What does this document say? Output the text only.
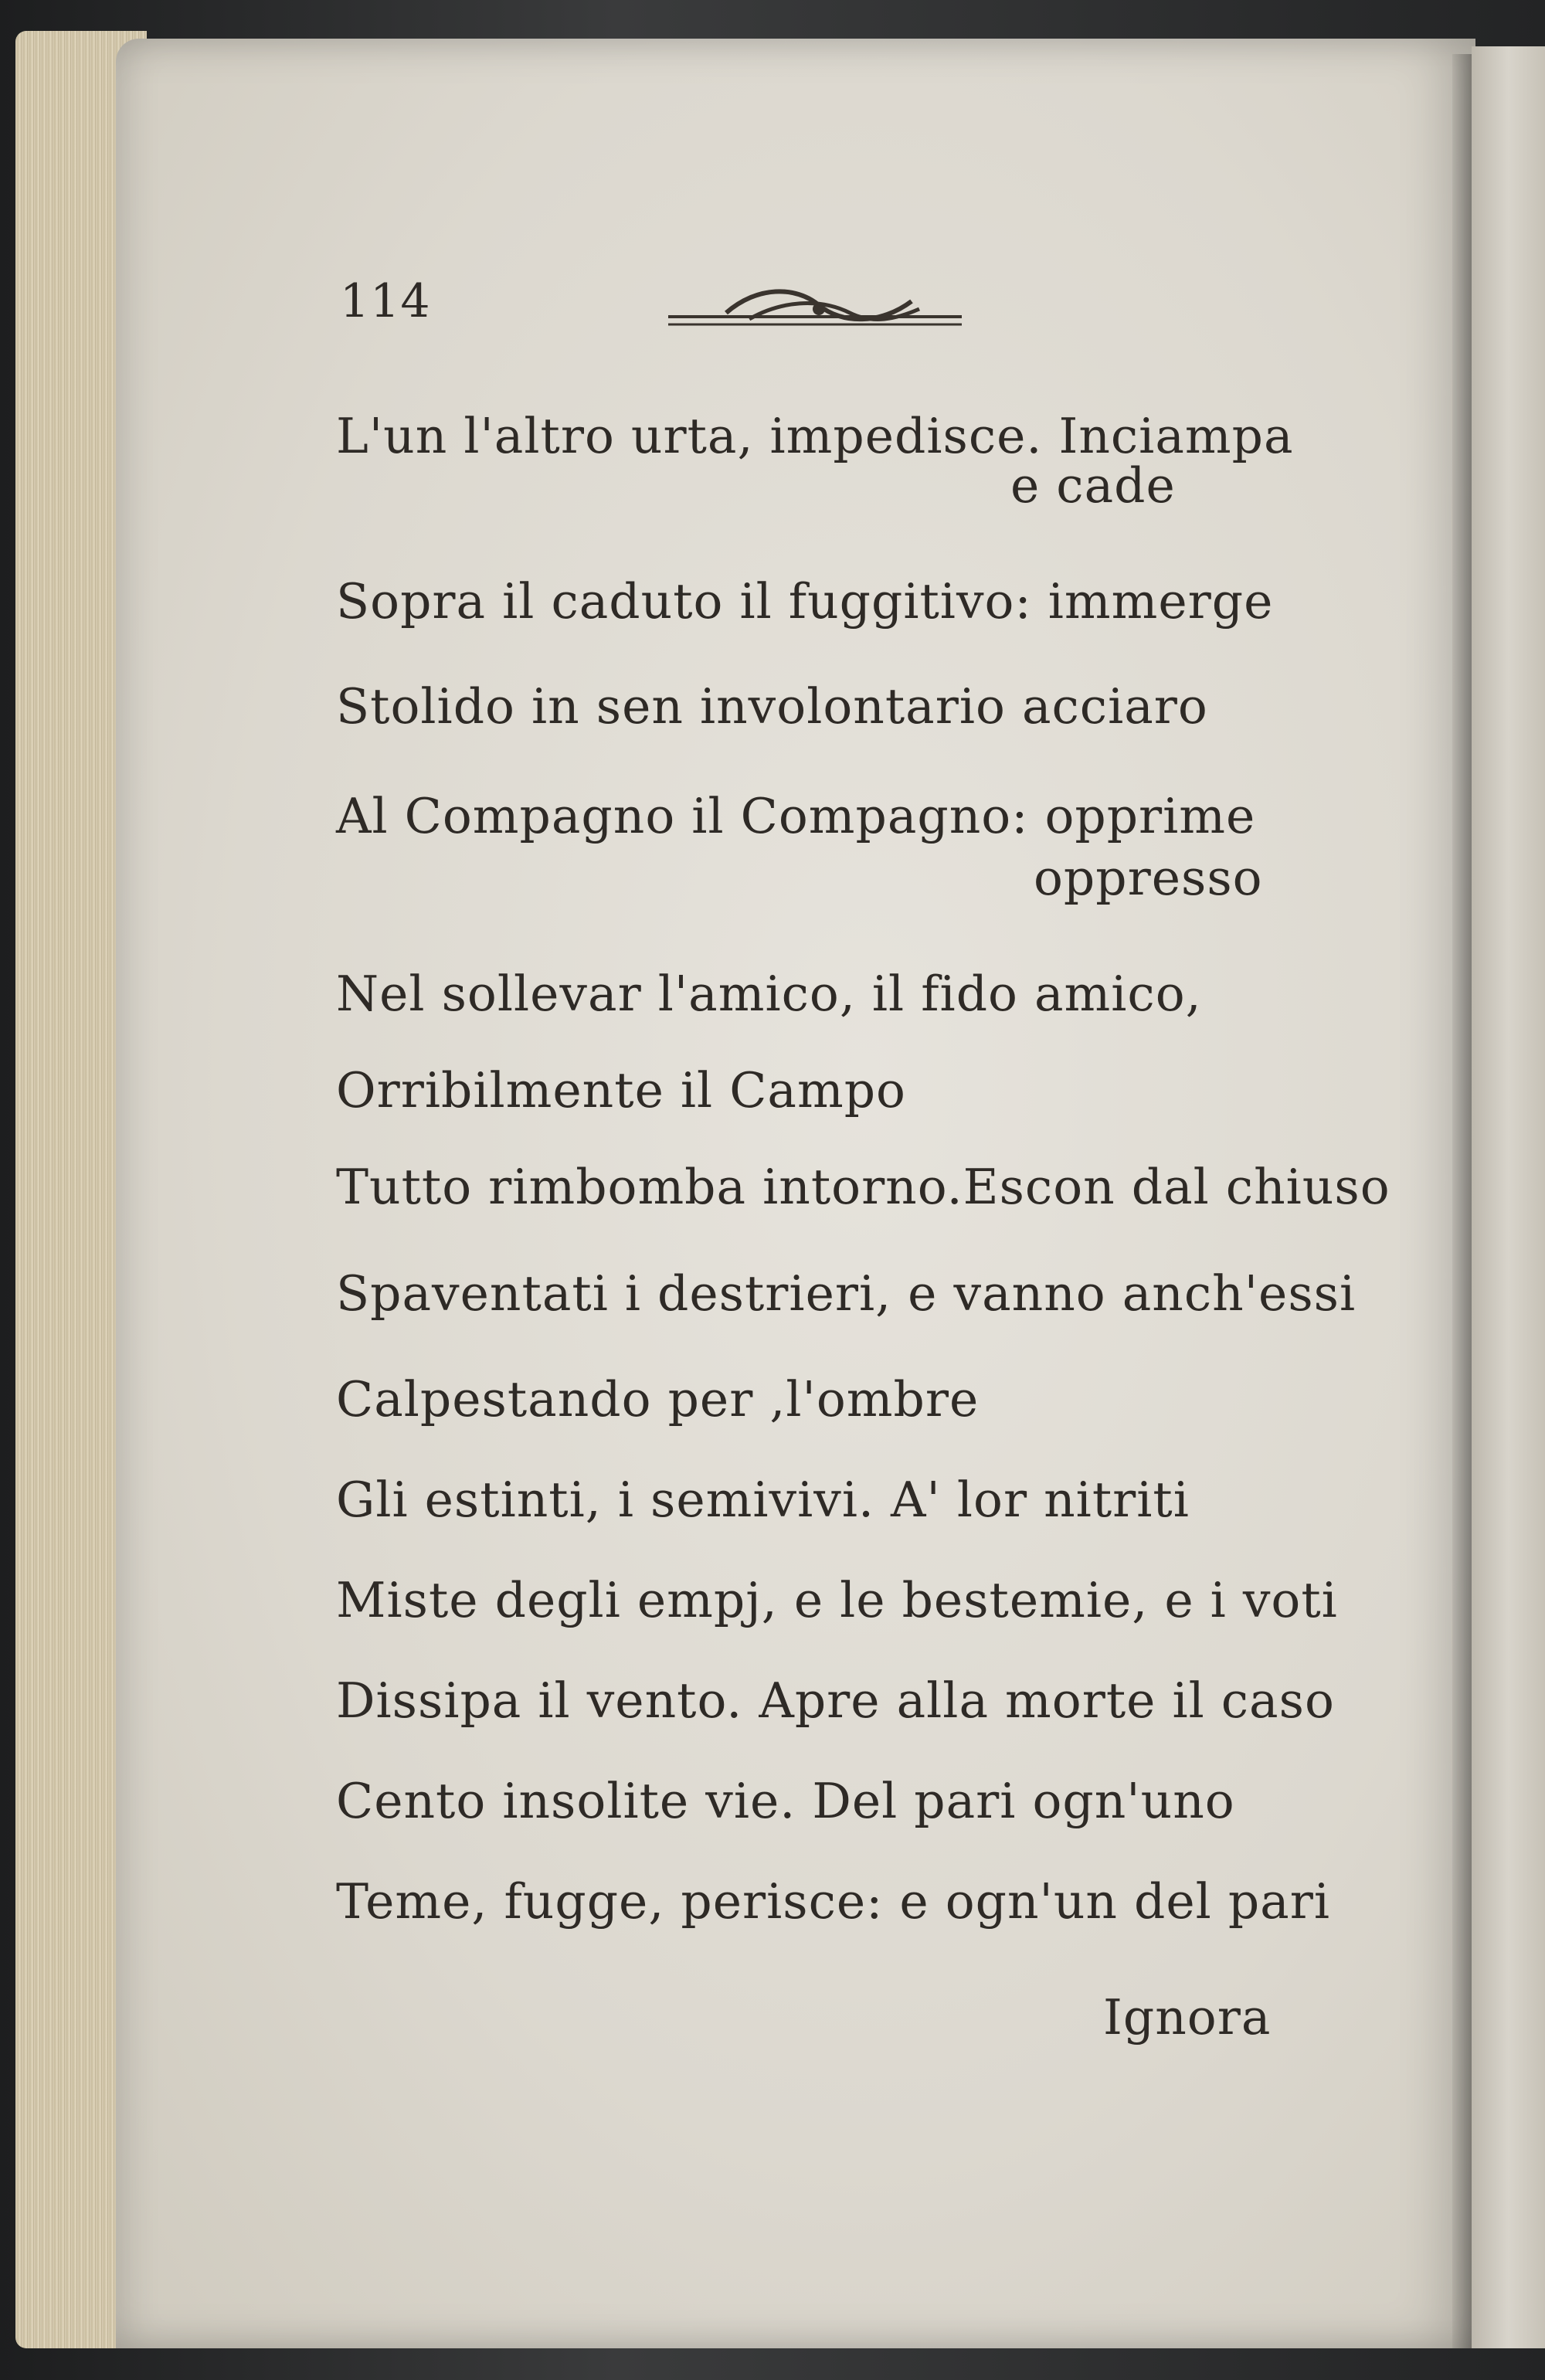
114
L'un l'altro urta, impedisce. Inciampa
e cade
Sopra il caduto il fuggitivo: immerge
Stolido in sen involontario acciaro
Al Compagno il Compagno: opprime
oppresso
Nel sollevar l'amico, il fido amico,
Orribilmente il Campo
Tutto rimbomba intorno.Escon dal chiuso
Spaventati i destrieri, e vanno anch'essi
Calpestando per ,l'ombre
Gli estinti, i semivivi. A' lor nitriti
Miste degli empj, e le bestemie, e i voti
Dissipa il vento. Apre alla morte il caso
Cento insolite vie. Del pari ogn'uno
Teme, fugge, perisce: e ogn'un del pari
Ignora
